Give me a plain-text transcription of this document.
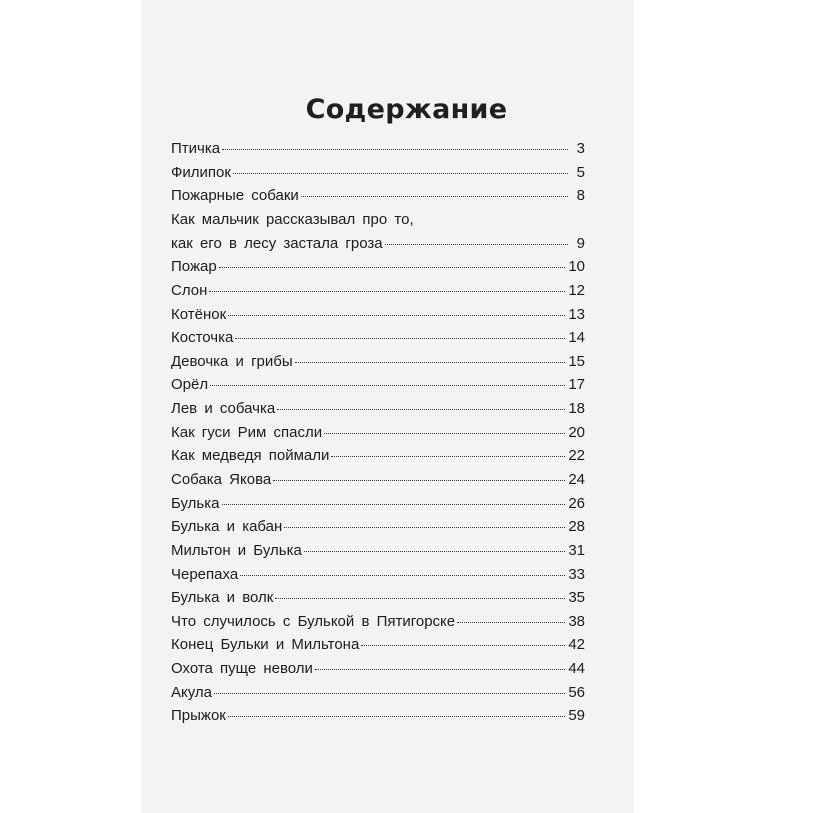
Содержание
Птичка	3
Филипок	5
Пожарные собаки	8
Как мальчик рассказывал про то,
как его в лесу застала гроза	9
Пожар	10
Слон	12
Котёнок	13
Косточка	14
Девочка и грибы	15
Орёл	17
Лев и собачка	18
Как гуси Рим спасли	20
Как медведя поймали	22
Собака Якова	24
Булька	26
Булька и кабан	28
Мильтон и Булька	31
Черепаха	33
Булька и волк	35
Что случилось с Булькой в Пятигорске	38
Конец Бульки и Мильтона	42
Охота пуще неволи	44
Акула	56
Прыжок	59
